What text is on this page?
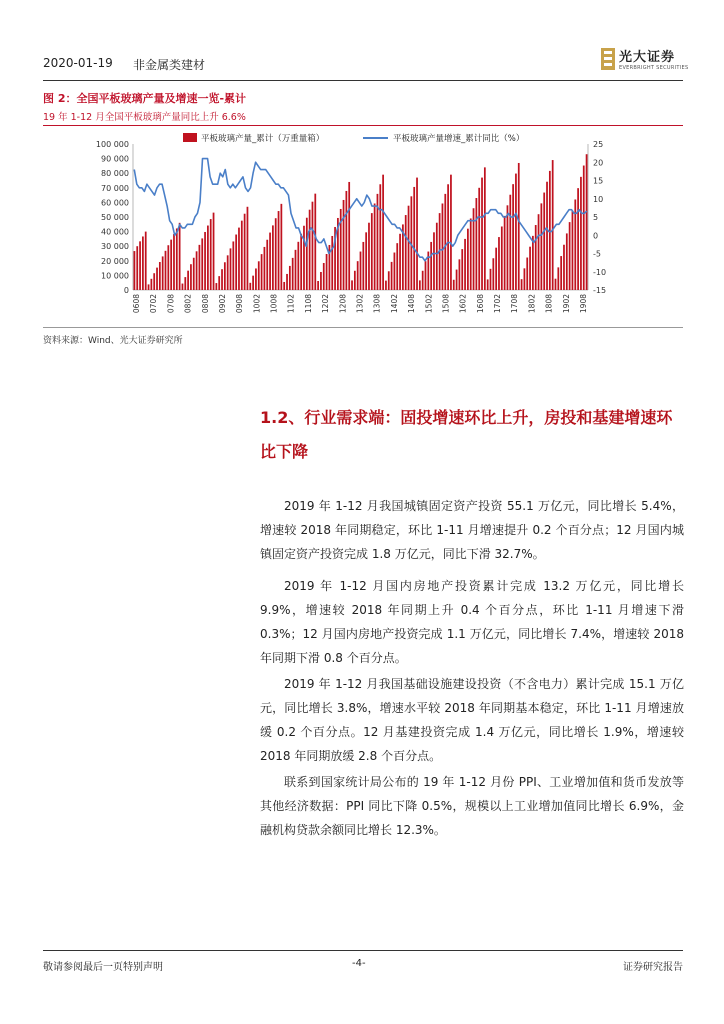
2020-01-19 非金属类建材	光大证券
EVERBRIGHT SECURITIES
图 2：全国平板玻璃产量及增速一览-累计
19 年 1-12 月全国平板玻璃产量同比上升 6.6%
100 000
90 000
80 000
70 000
60 000
50 000
40 000
30 000
20 000
10 000
0
25
20
15
10
5
0
-5
-10
-15
0608 0702 0708 0802 0808 0902 0908 1002 1008 1102 1108 1202 1208 1302 1308 1402 1408 1502 1508 1602 1608 1702 1708 1802 1808 1902 1908
平板玻璃产量_累计（万重量箱）	平板玻璃产量增速_累计同比（%）
资料来源：Wind、光大证券研究所
1.2、行业需求端：固投增速环比上升，房投和基建增速环比下降

2019 年 1-12 月我国城镇固定资产投资 55.1 万亿元，同比增长 5.4%，增速较 2018 年同期稳定，环比 1-11 月增速提升 0.2 个百分点；12 月国内城镇固定资产投资完成 1.8 万亿元，同比下滑 32.7%。

2019 年 1-12 月国内房地产投资累计完成 13.2 万亿元，同比增长 9.9%，增速较 2018 年同期上升 0.4 个百分点，环比 1-11 月增速下滑 0.3%；12 月国内房地产投资完成 1.1 万亿元，同比增长 7.4%，增速较 2018 年同期下滑 0.8 个百分点。

2019 年 1-12 月我国基础设施建设投资（不含电力）累计完成 15.1 万亿元，同比增长 3.8%，增速水平较 2018 年同期基本稳定，环比 1-11 月增速放缓 0.2 个百分点。12 月基建投资完成 1.4 万亿元，同比增长 1.9%，增速较 2018 年同期放缓 2.8 个百分点。

联系到国家统计局公布的 19 年 1-12 月份 PPI、工业增加值和货币发放等其他经济数据：PPI 同比下降 0.5%，规模以上工业增加值同比增长 6.9%，金融机构贷款余额同比增长 12.3%。

敬请参阅最后一页特别声明	-4-	证券研究报告
